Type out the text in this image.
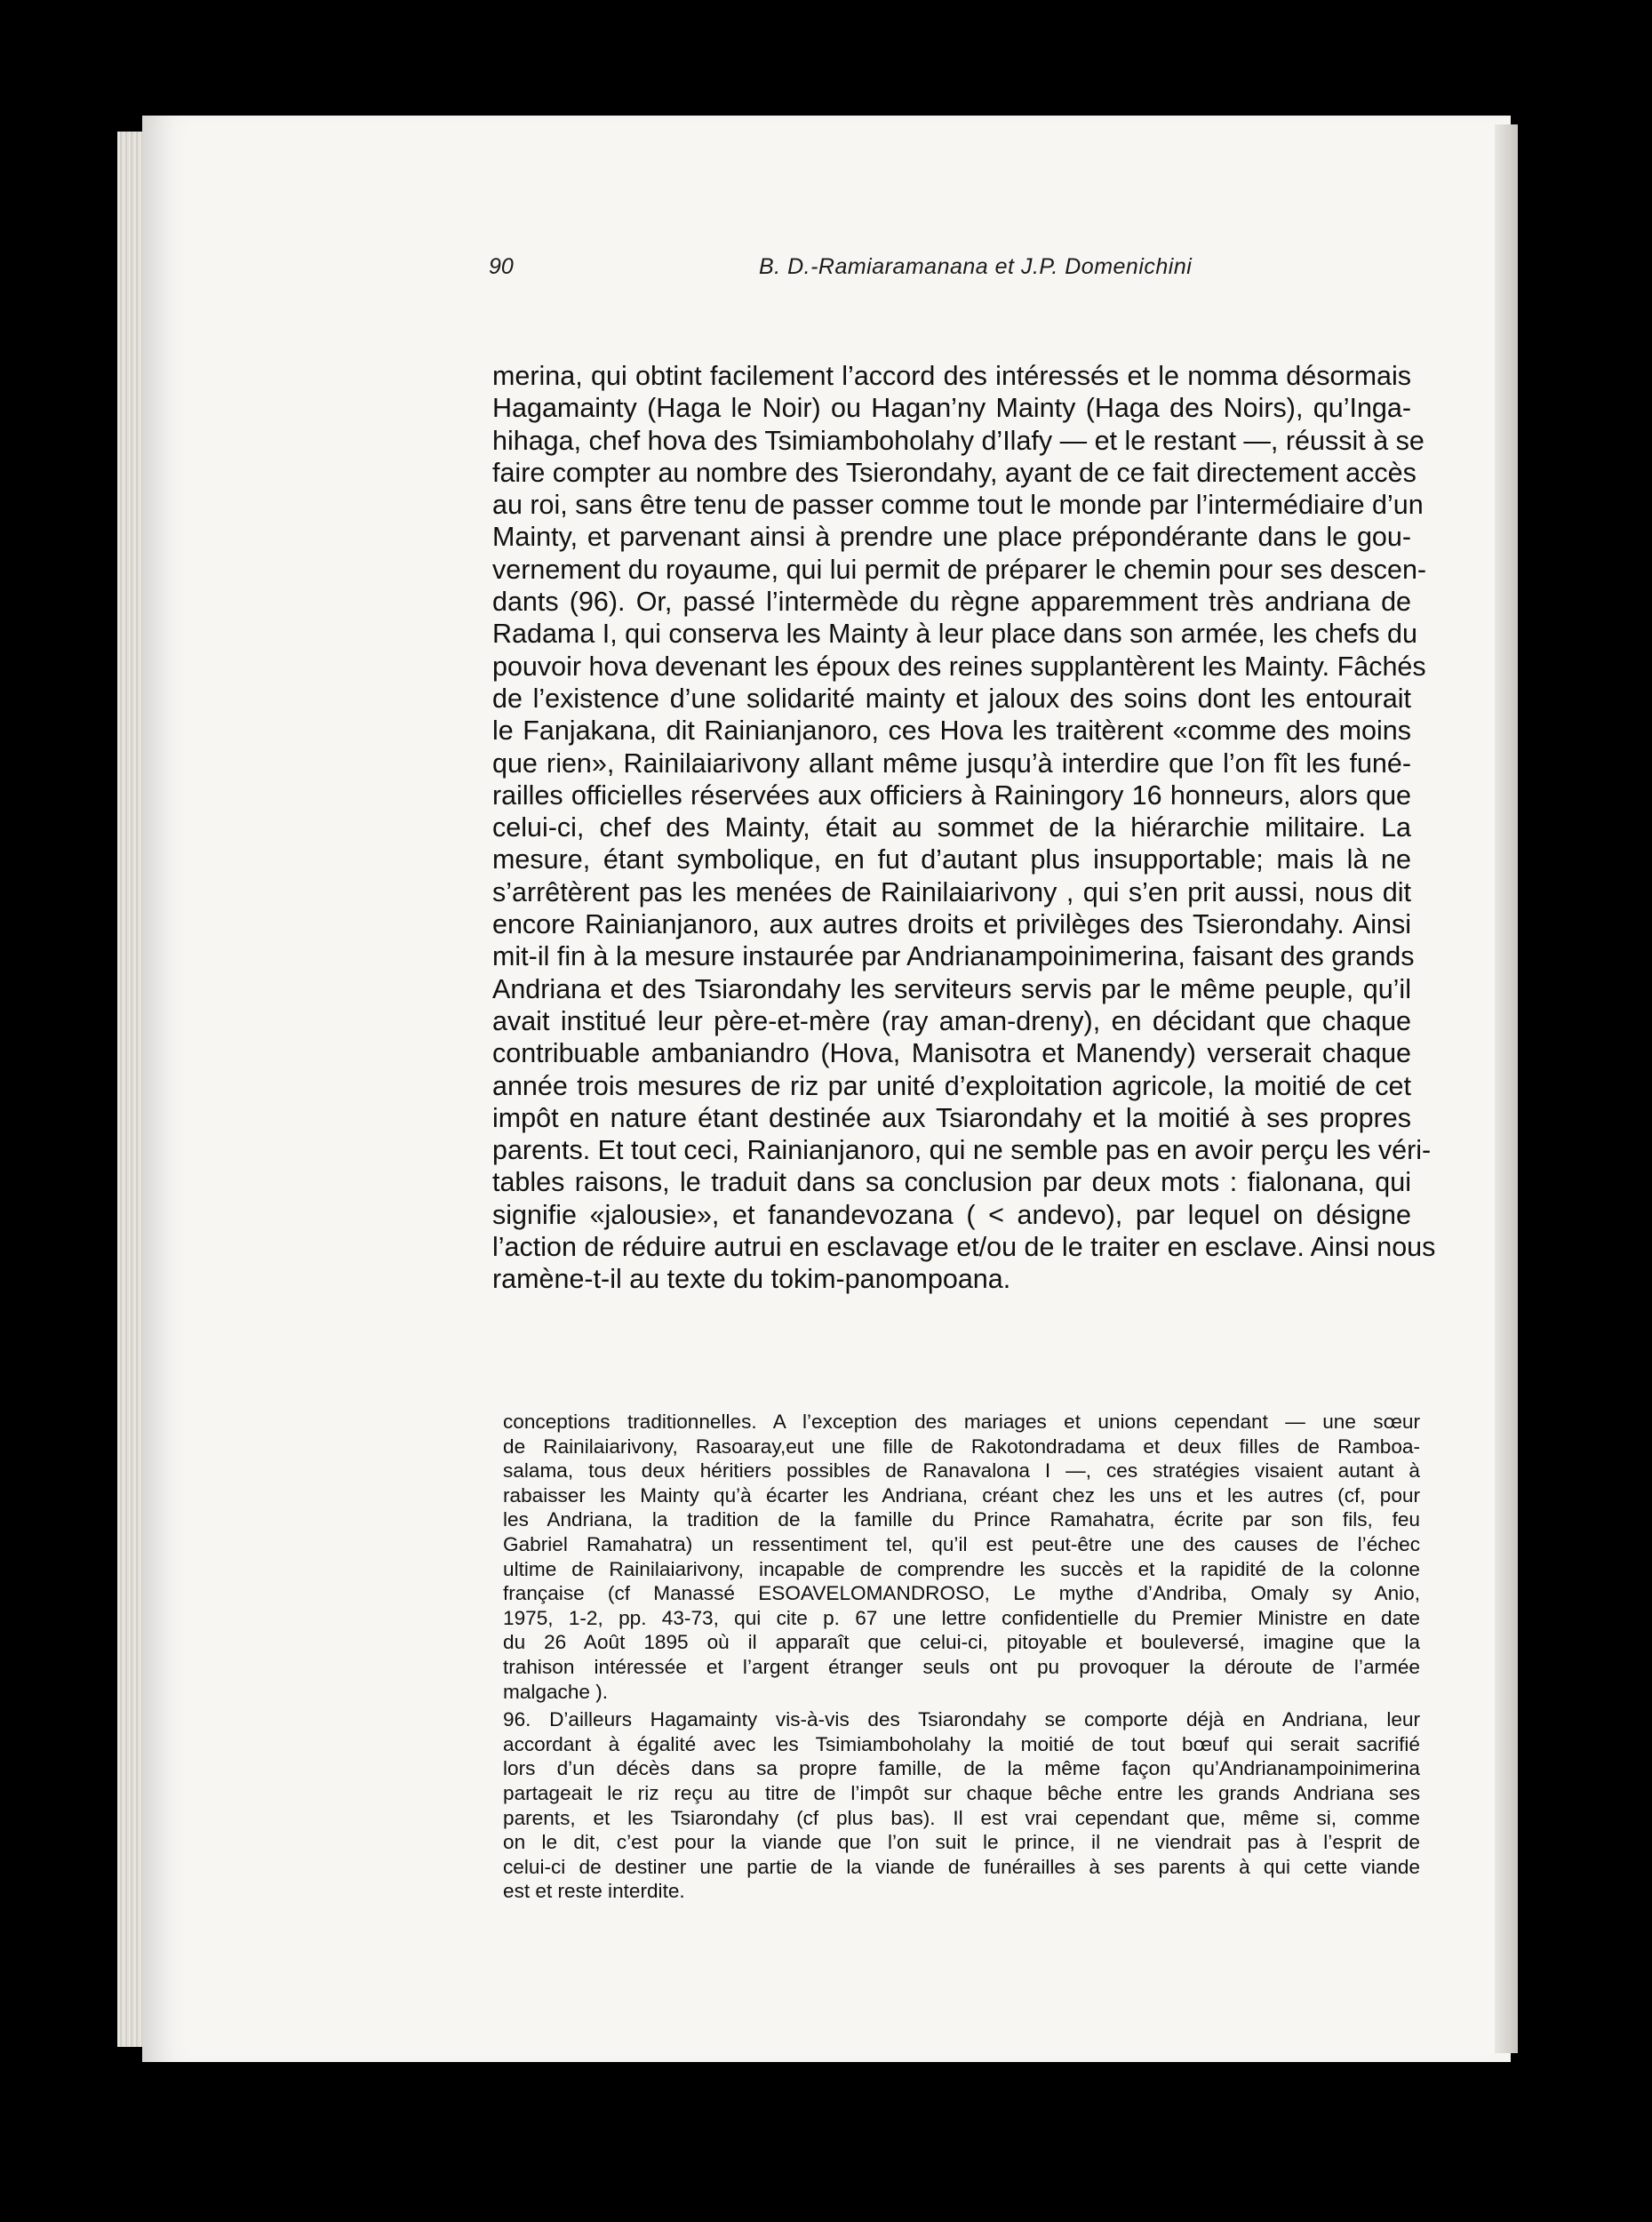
90	B. D.-Ramiaramanana et J.P. Domenichini
merina, qui obtint facilement l’accord des intéressés et le nomma désormais
Hagamainty (Haga le Noir) ou Hagan’ny Mainty (Haga des Noirs), qu’Inga-
hihaga, chef hova des Tsimiamboholahy d’Ilafy — et le restant —, réussit à se
faire compter au nombre des Tsierondahy, ayant de ce fait directement accès
au roi, sans être tenu de passer comme tout le monde par l’intermédiaire d’un
Mainty, et parvenant ainsi à prendre une place prépondérante dans le gou-
vernement du royaume, qui lui permit de préparer le chemin pour ses descen-
dants (96). Or, passé l’intermède du règne apparemment très andriana de
Radama I, qui conserva les Mainty à leur place dans son armée, les chefs du
pouvoir hova devenant les époux des reines supplantèrent les Mainty. Fâchés
de l’existence d’une solidarité mainty et jaloux des soins dont les entourait
le Fanjakana, dit Rainianjanoro, ces Hova les traitèrent «comme des moins
que rien», Rainilaiarivony allant même jusqu’à interdire que l’on fît les funé-
railles officielles réservées aux officiers à Rainingory 16 honneurs, alors que
celui-ci, chef des Mainty, était au sommet de la hiérarchie militaire. La
mesure, étant symbolique, en fut d’autant plus insupportable; mais là ne
s’arrêtèrent pas les menées de Rainilaiarivony , qui s’en prit aussi, nous dit
encore Rainianjanoro, aux autres droits et privilèges des Tsierondahy. Ainsi
mit-il fin à la mesure instaurée par Andrianampoinimerina, faisant des grands
Andriana et des Tsiarondahy les serviteurs servis par le même peuple, qu’il
avait institué leur père-et-mère (ray aman-dreny), en décidant que chaque
contribuable ambaniandro (Hova, Manisotra et Manendy) verserait chaque
année trois mesures de riz par unité d’exploitation agricole, la moitié de cet
impôt en nature étant destinée aux Tsiarondahy et la moitié à ses propres
parents. Et tout ceci, Rainianjanoro, qui ne semble pas en avoir perçu les véri-
tables raisons, le traduit dans sa conclusion par deux mots : fialonana, qui
signifie «jalousie», et fanandevozana ( < andevo), par lequel on désigne
l’action de réduire autrui en esclavage et/ou de le traiter en esclave. Ainsi nous
ramène-t-il au texte du tokim-panompoana.
conceptions traditionnelles. A l’exception des mariages et unions cependant — une sœur
de Rainilaiarivony, Rasoaray,eut une fille de Rakotondradama et deux filles de Ramboa-
salama, tous deux héritiers possibles de Ranavalona I —, ces stratégies visaient autant à
rabaisser les Mainty qu’à écarter les Andriana, créant chez les uns et les autres (cf, pour
les Andriana, la tradition de la famille du Prince Ramahatra, écrite par son fils, feu
Gabriel Ramahatra) un ressentiment tel, qu’il est peut-être une des causes de l’échec
ultime de Rainilaiarivony, incapable de comprendre les succès et la rapidité de la colonne
française (cf Manassé ESOAVELOMANDROSO, Le mythe d’Andriba, Omaly sy Anio,
1975, 1-2, pp. 43-73, qui cite p. 67 une lettre confidentielle du Premier Ministre en date
du 26 Août 1895 où il apparaît que celui-ci, pitoyable et bouleversé, imagine que la
trahison intéressée et l’argent étranger seuls ont pu provoquer la déroute de l’armée
malgache ).
96. D’ailleurs Hagamainty vis-à-vis des Tsiarondahy se comporte déjà en Andriana, leur
accordant à égalité avec les Tsimiamboholahy la moitié de tout bœuf qui serait sacrifié
lors d’un décès dans sa propre famille, de la même façon qu’Andrianampoinimerina
partageait le riz reçu au titre de l’impôt sur chaque bêche entre les grands Andriana ses
parents, et les Tsiarondahy (cf plus bas). Il est vrai cependant que, même si, comme
on le dit, c’est pour la viande que l’on suit le prince, il ne viendrait pas à l’esprit de
celui-ci de destiner une partie de la viande de funérailles à ses parents à qui cette viande
est et reste interdite.
